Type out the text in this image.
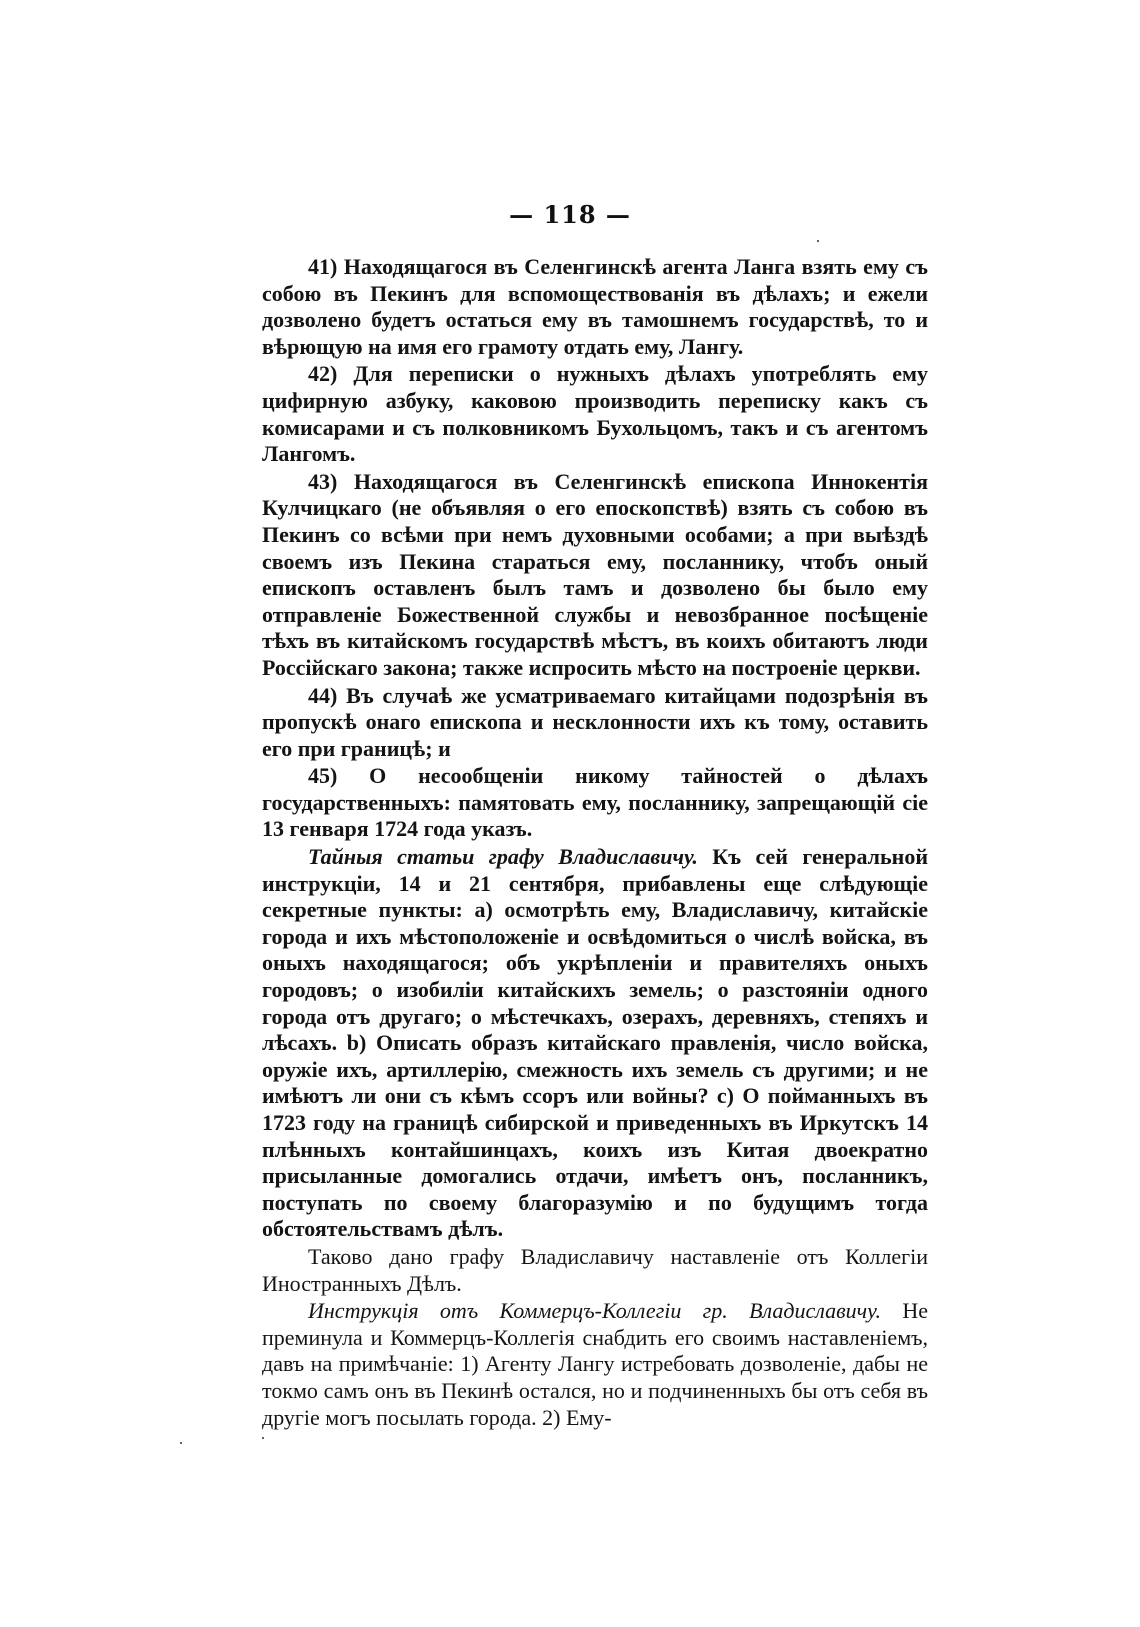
— 118 —

41) Находящагося въ Селенгинскѣ агента Ланга взять ему съ собою въ Пекинъ для вспомоществованія въ дѣлахъ; и ежели дозволено будетъ остаться ему въ тамошнемъ государствѣ, то и вѣрющую на имя его грамоту отдать ему, Лангу.

42) Для переписки о нужныхъ дѣлахъ употреблять ему цифирную азбуку, каковою производить переписку какъ съ комисарами и съ полковникомъ Бухольцомъ, такъ и съ агентомъ Лангомъ.

43) Находящагося въ Селенгинскѣ епископа Иннокентія Кулчицкаго (не объявляя о его епоскопствѣ) взять съ собою въ Пекинъ со всѣми при немъ духовными особами; а при выѣздѣ своемъ изъ Пекина стараться ему, посланнику, чтобъ оный епископъ оставленъ былъ тамъ и дозволено бы было ему отправленіе Божественной службы и невозбранное посѣщеніе тѣхъ въ китайскомъ государствѣ мѣстъ, въ коихъ обитаютъ люди Россійскаго закона; также испросить мѣсто на построеніе церкви.

44) Въ случаѣ же усматриваемаго китайцами подозрѣнія въ пропускѣ онаго епископа и несклонности ихъ къ тому, оставить его при границѣ; и

45) О несообщеніи никому тайностей о дѣлахъ государственныхъ: памятовать ему, посланнику, запрещающій сіе 13 генваря 1724 года указъ.

Тайныя статьи графу Владиславичу. Къ сей генеральной инструкціи, 14 и 21 сентября, прибавлены еще слѣдующіе секретные пункты: а) осмотрѣть ему, Владиславичу, китайскіе города и ихъ мѣстоположеніе и освѣдомиться о числѣ войска, въ оныхъ находящагося; объ укрѣпленіи и правителяхъ оныхъ городовъ; о изобиліи китайскихъ земель; о разстояніи одного города отъ другаго; о мѣстечкахъ, озерахъ, деревняхъ, степяхъ и лѣсахъ. b) Описать образъ китайскаго правленія, число войска, оружіе ихъ, артиллерію, смежность ихъ земель съ другими; и не имѣютъ ли они съ кѣмъ ссоръ или войны? с) О пойманныхъ въ 1723 году на границѣ сибирской и приведенныхъ въ Иркутскъ 14 плѣнныхъ контайшинцахъ, коихъ изъ Китая двоекратно присыланные домогались отдачи, имѣетъ онъ, посланникъ, поступать по своему благоразумію и по будущимъ тогда обстоятельствамъ дѣлъ.

Таково дано графу Владиславичу наставленіе отъ Коллегіи Иностранныхъ Дѣлъ.

Инструкція отъ Коммерцъ-Коллегіи гр. Владиславичу. Не преминула и Коммерцъ-Коллегія снабдить его своимъ наставленіемъ, давъ на примѣчаніе: 1) Агенту Лангу истребовать дозволеніе, дабы не токмо самъ онъ въ Пекинѣ остался, но и подчиненныхъ бы отъ себя въ другіе могъ посылать города. 2) Ему-
